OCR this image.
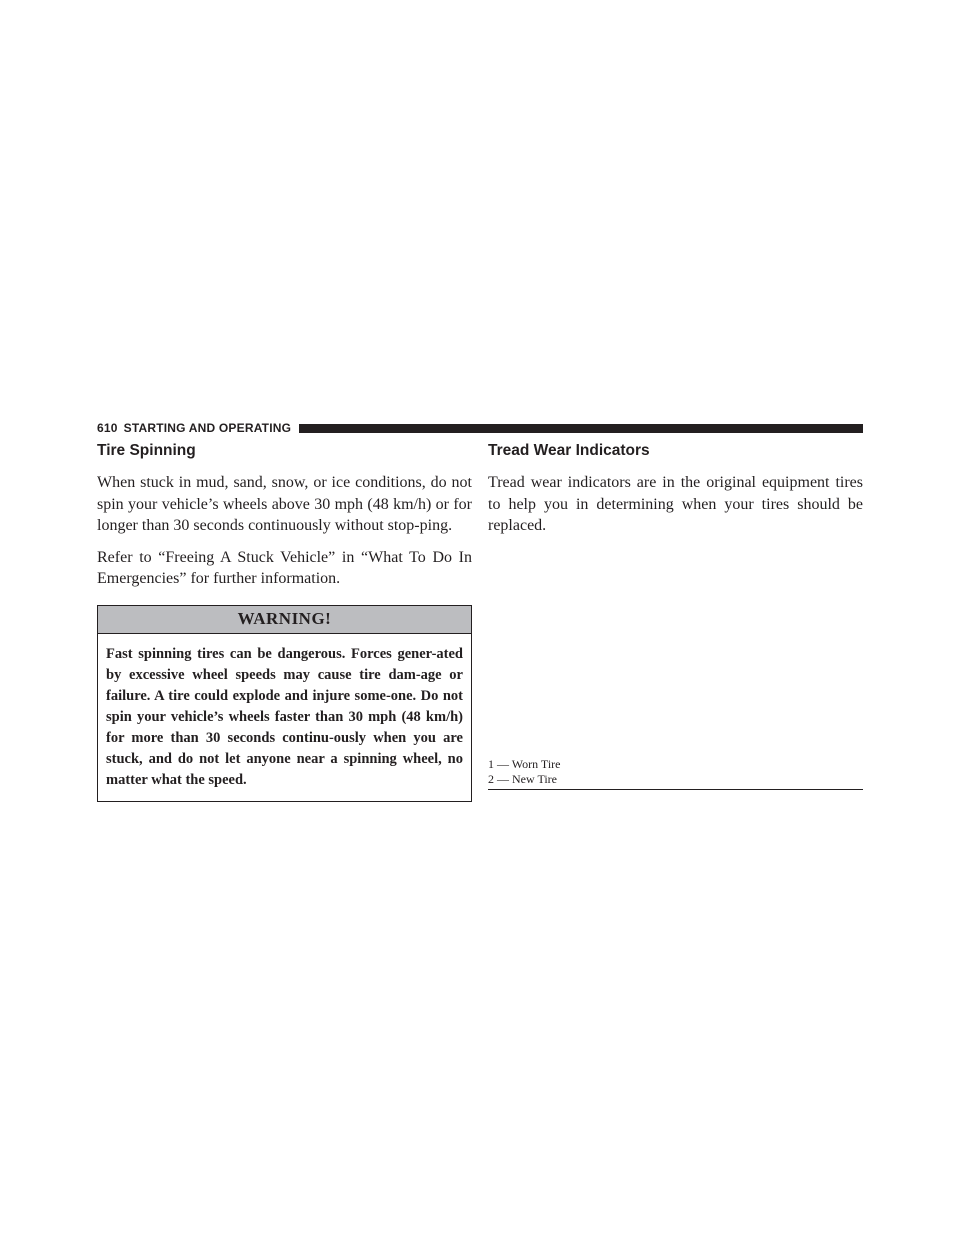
610 STARTING AND OPERATING
Tire Spinning

When stuck in mud, sand, snow, or ice conditions, do not spin your vehicle’s wheels above 30 mph (48 km/h) or for longer than 30 seconds continuously without stop-ping.

Refer to “Freeing A Stuck Vehicle” in “What To Do In Emergencies” for further information.

WARNING!
Fast spinning tires can be dangerous. Forces gener-ated by excessive wheel speeds may cause tire dam-age or failure. A tire could explode and injure some-one. Do not spin your vehicle’s wheels faster than 30 mph (48 km/h) for more than 30 seconds continu-ously when you are stuck, and do not let anyone near a spinning wheel, no matter what the speed.
Tread Wear Indicators

Tread wear indicators are in the original equipment tires to help you in determining when your tires should be replaced.

1 — Worn Tire
2 — New Tire
